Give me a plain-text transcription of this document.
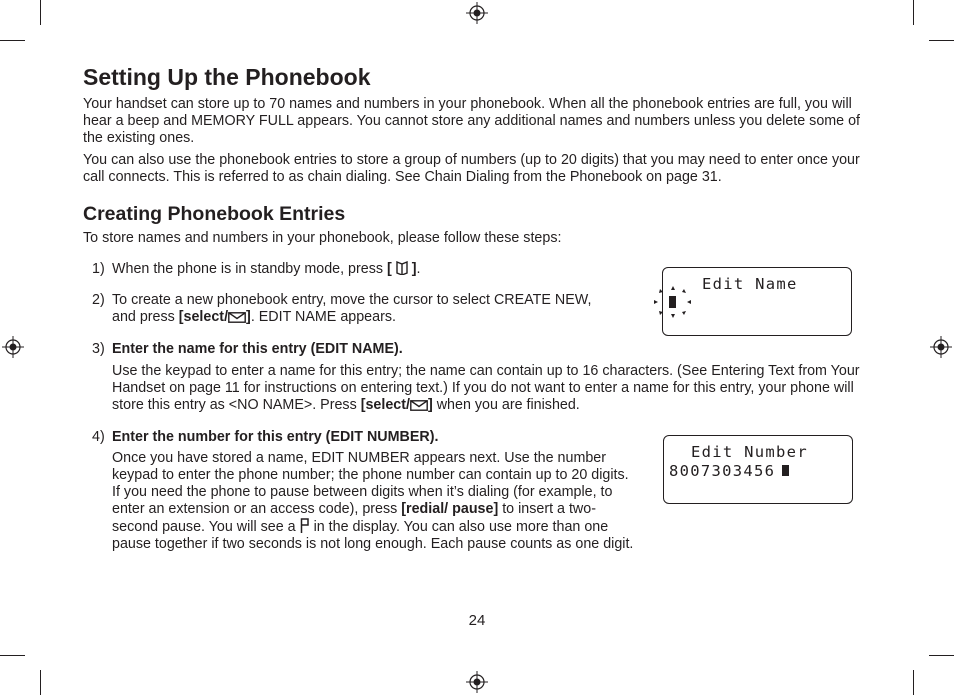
Setting Up the Phonebook

Your handset can store up to 70 names and numbers in your phonebook. When all the phonebook entries are full, you will hear a beep and MEMORY FULL appears. You cannot store any additional names and numbers unless you delete some of the existing ones.

You can also use the phonebook entries to store a group of numbers (up to 20 digits) that you may need to enter once your call connects. This is referred to as chain dialing. See Chain Dialing from the Phonebook on page 31.

Creating Phonebook Entries

To store names and numbers in your phonebook, please follow these steps:

1) When the phone is in standby mode, press [  ].
2) To create a new phonebook entry, move the cursor to select CREATE NEW,
and press [select/ ]. EDIT NAME appears.
Edit Name
3) Enter the name for this entry (EDIT NAME).
Use the keypad to enter a name for this entry; the name can contain up to 16 characters. (See Entering Text from Your Handset on page 11 for instructions on entering text.) If you do not want to enter a name for this entry, your phone will store this entry as <NO NAME>. Press [select/ ] when you are finished.
4) Enter the number for this entry (EDIT NUMBER).
Once you have stored a name, EDIT NUMBER appears next. Use the number keypad to enter the phone number; the phone number can contain up to 20 digits. If you need the phone to pause between digits when it’s dialing (for example, to enter an extension or an access code), press [redial/ pause] to insert a two-second pause. You will see a  in the display. You can also use more than one pause together if two seconds is not long enough. Each pause counts as one digit.
Edit Number
8007303456
24
